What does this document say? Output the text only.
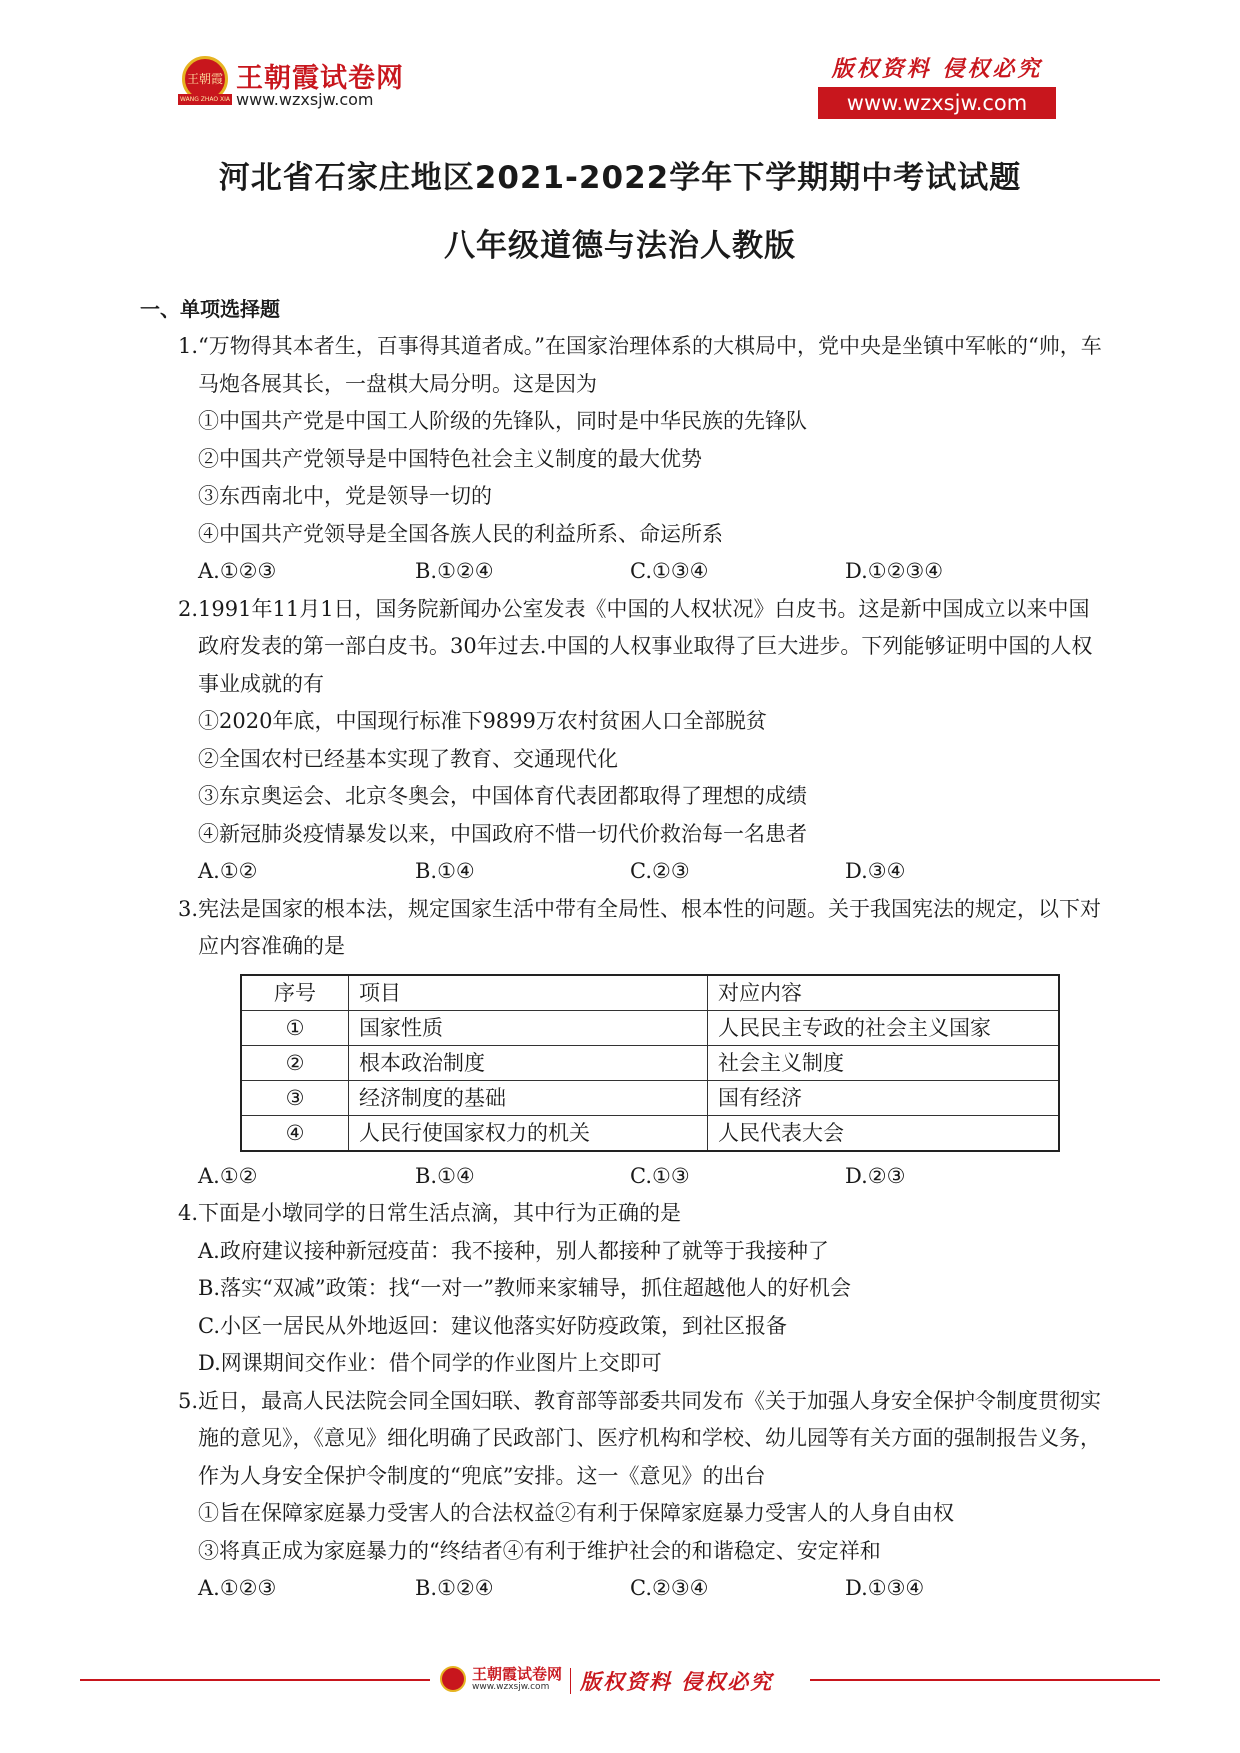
王朝霞
WANG ZHAO XIA
王朝霞试卷网
www.wzxsjw.com
版权资料 侵权必究
www.wzxsjw.com
河北省石家庄地区2021-2022学年下学期期中考试试题
八年级道德与法治人教版
一、单项选择题

1.“万物得其本者生，百事得其道者成。”在国家治理体系的大棋局中，党中央是坐镇中军帐的“帅，车马炮各展其长，一盘棋大局分明。这是因为

①中国共产党是中国工人阶级的先锋队，同时是中华民族的先锋队

②中国共产党领导是中国特色社会主义制度的最大优势

③东西南北中，党是领导一切的

④中国共产党领导是全国各族人民的利益所系、命运所系

A.①②③	B.①②④	C.①③④	D.①②③④

2.1991年11月1日，国务院新闻办公室发表《中国的人权状况》白皮书。这是新中国成立以来中国政府发表的第一部白皮书。30年过去.中国的人权事业取得了巨大进步。下列能够证明中国的人权事业成就的有

①2020年底，中国现行标准下9899万农村贫困人口全部脱贫

②全国农村已经基本实现了教育、交通现代化

③东京奥运会、北京冬奥会，中国体育代表团都取得了理想的成绩

④新冠肺炎疫情暴发以来，中国政府不惜一切代价救治每一名患者

A.①②	B.①④	C.②③	D.③④

3.宪法是国家的根本法，规定国家生活中带有全局性、根本性的问题。关于我国宪法的规定，以下对应内容准确的是

序号	项目	对应内容
①	国家性质	人民民主专政的社会主义国家
②	根本政治制度	社会主义制度
③	经济制度的基础	国有经济
④	人民行使国家权力的机关	人民代表大会
A.①②	B.①④	C.①③	D.②③

4.下面是小墩同学的日常生活点滴，其中行为正确的是

A.政府建议接种新冠疫苗：我不接种，别人都接种了就等于我接种了

B.落实“双减”政策：找“一对一”教师来家辅导，抓住超越他人的好机会

C.小区一居民从外地返回：建议他落实好防疫政策，到社区报备

D.网课期间交作业：借个同学的作业图片上交即可

5.近日，最高人民法院会同全国妇联、教育部等部委共同发布《关于加强人身安全保护令制度贯彻实施的意见》，《意见》细化明确了民政部门、医疗机构和学校、幼儿园等有关方面的强制报告义务，作为人身安全保护令制度的“兜底”安排。这一《意见》的出台

①旨在保障家庭暴力受害人的合法权益②有利于保障家庭暴力受害人的人身自由权

③将真正成为家庭暴力的“终结者④有利于维护社会的和谐稳定、安定祥和

A.①②③	B.①②④	C.②③④	D.①③④
王朝霞试卷网
www.wzxsjw.com 版权资料 侵权必究
